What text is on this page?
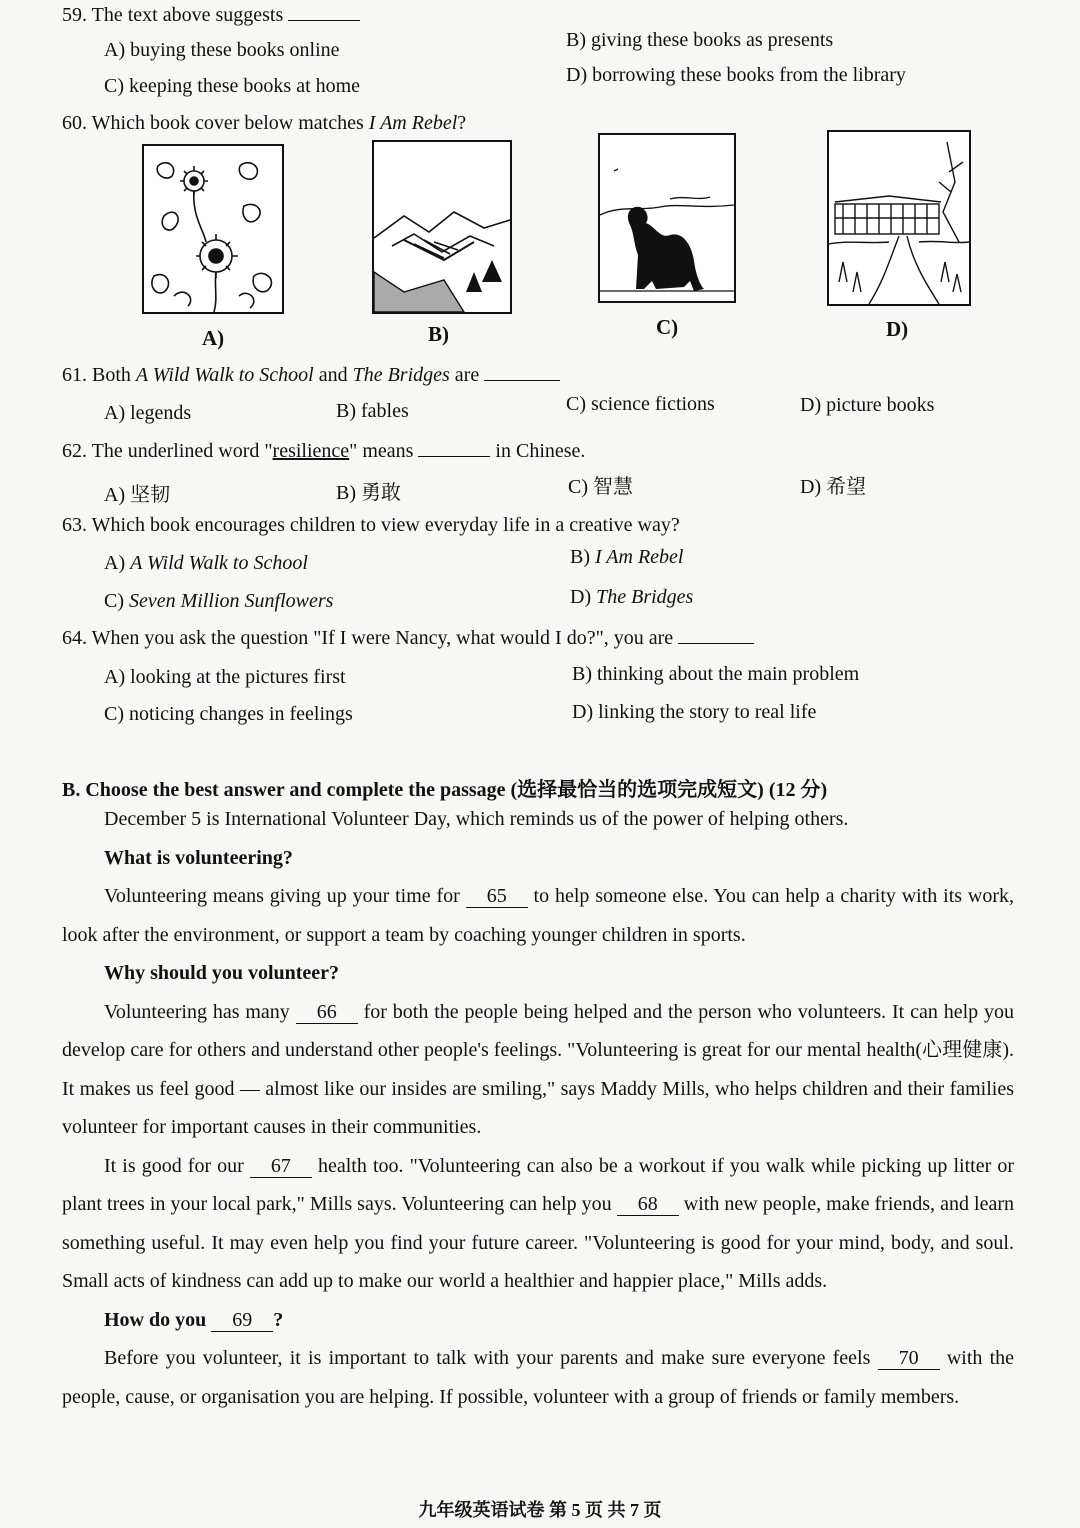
59. The text above suggests
A) buying these books online	B) giving these books as presents
C) keeping these books at home	D) borrowing these books from the library
60. Which book cover below matches I Am Rebel?
A)	B)	C)	D)
61. Both A Wild Walk to School and The Bridges are
A) legends	B) fables	C) science fictions	D) picture books
62. The underlined word "resilience" means	in Chinese.
A) 坚韧	B) 勇敢	C) 智慧	D) 希望
63. Which book encourages children to view everyday life in a creative way?
A) A Wild Walk to School	B) I Am Rebel
C) Seven Million Sunflowers	D) The Bridges
64. When you ask the question "If I were Nancy, what would I do?", you are
A) looking at the pictures first	B) thinking about the main problem
C) noticing changes in feelings	D) linking the story to real life
B. Choose the best answer and complete the passage (选择最恰当的选项完成短文) (12 分)
December 5 is International Volunteer Day, which reminds us of the power of helping others.
What is volunteering?
Volunteering means giving up your time for 65 to help someone else. You can help a charity with its work, look after the environment, or support a team by coaching younger children in sports.
Why should you volunteer?
Volunteering has many 66 for both the people being helped and the person who volunteers. It can help you develop care for others and understand other people's feelings. "Volunteering is great for our mental health(心理健康). It makes us feel good — almost like our insides are smiling," says Maddy Mills, who helps children and their families volunteer for important causes in their communities.
It is good for our 67 health too. "Volunteering can also be a workout if you walk while picking up litter or plant trees in your local park," Mills says. Volunteering can help you 68 with new people, make friends, and learn something useful. It may even help you find your future career. "Volunteering is good for your mind, body, and soul. Small acts of kindness can add up to make our world a healthier and happier place," Mills adds.
How do you 69 ?
Before you volunteer, it is important to talk with your parents and make sure everyone feels 70 with the people, cause, or organisation you are helping. If possible, volunteer with a group of friends or family members.
九年级英语试卷 第 5 页 共 7 页
